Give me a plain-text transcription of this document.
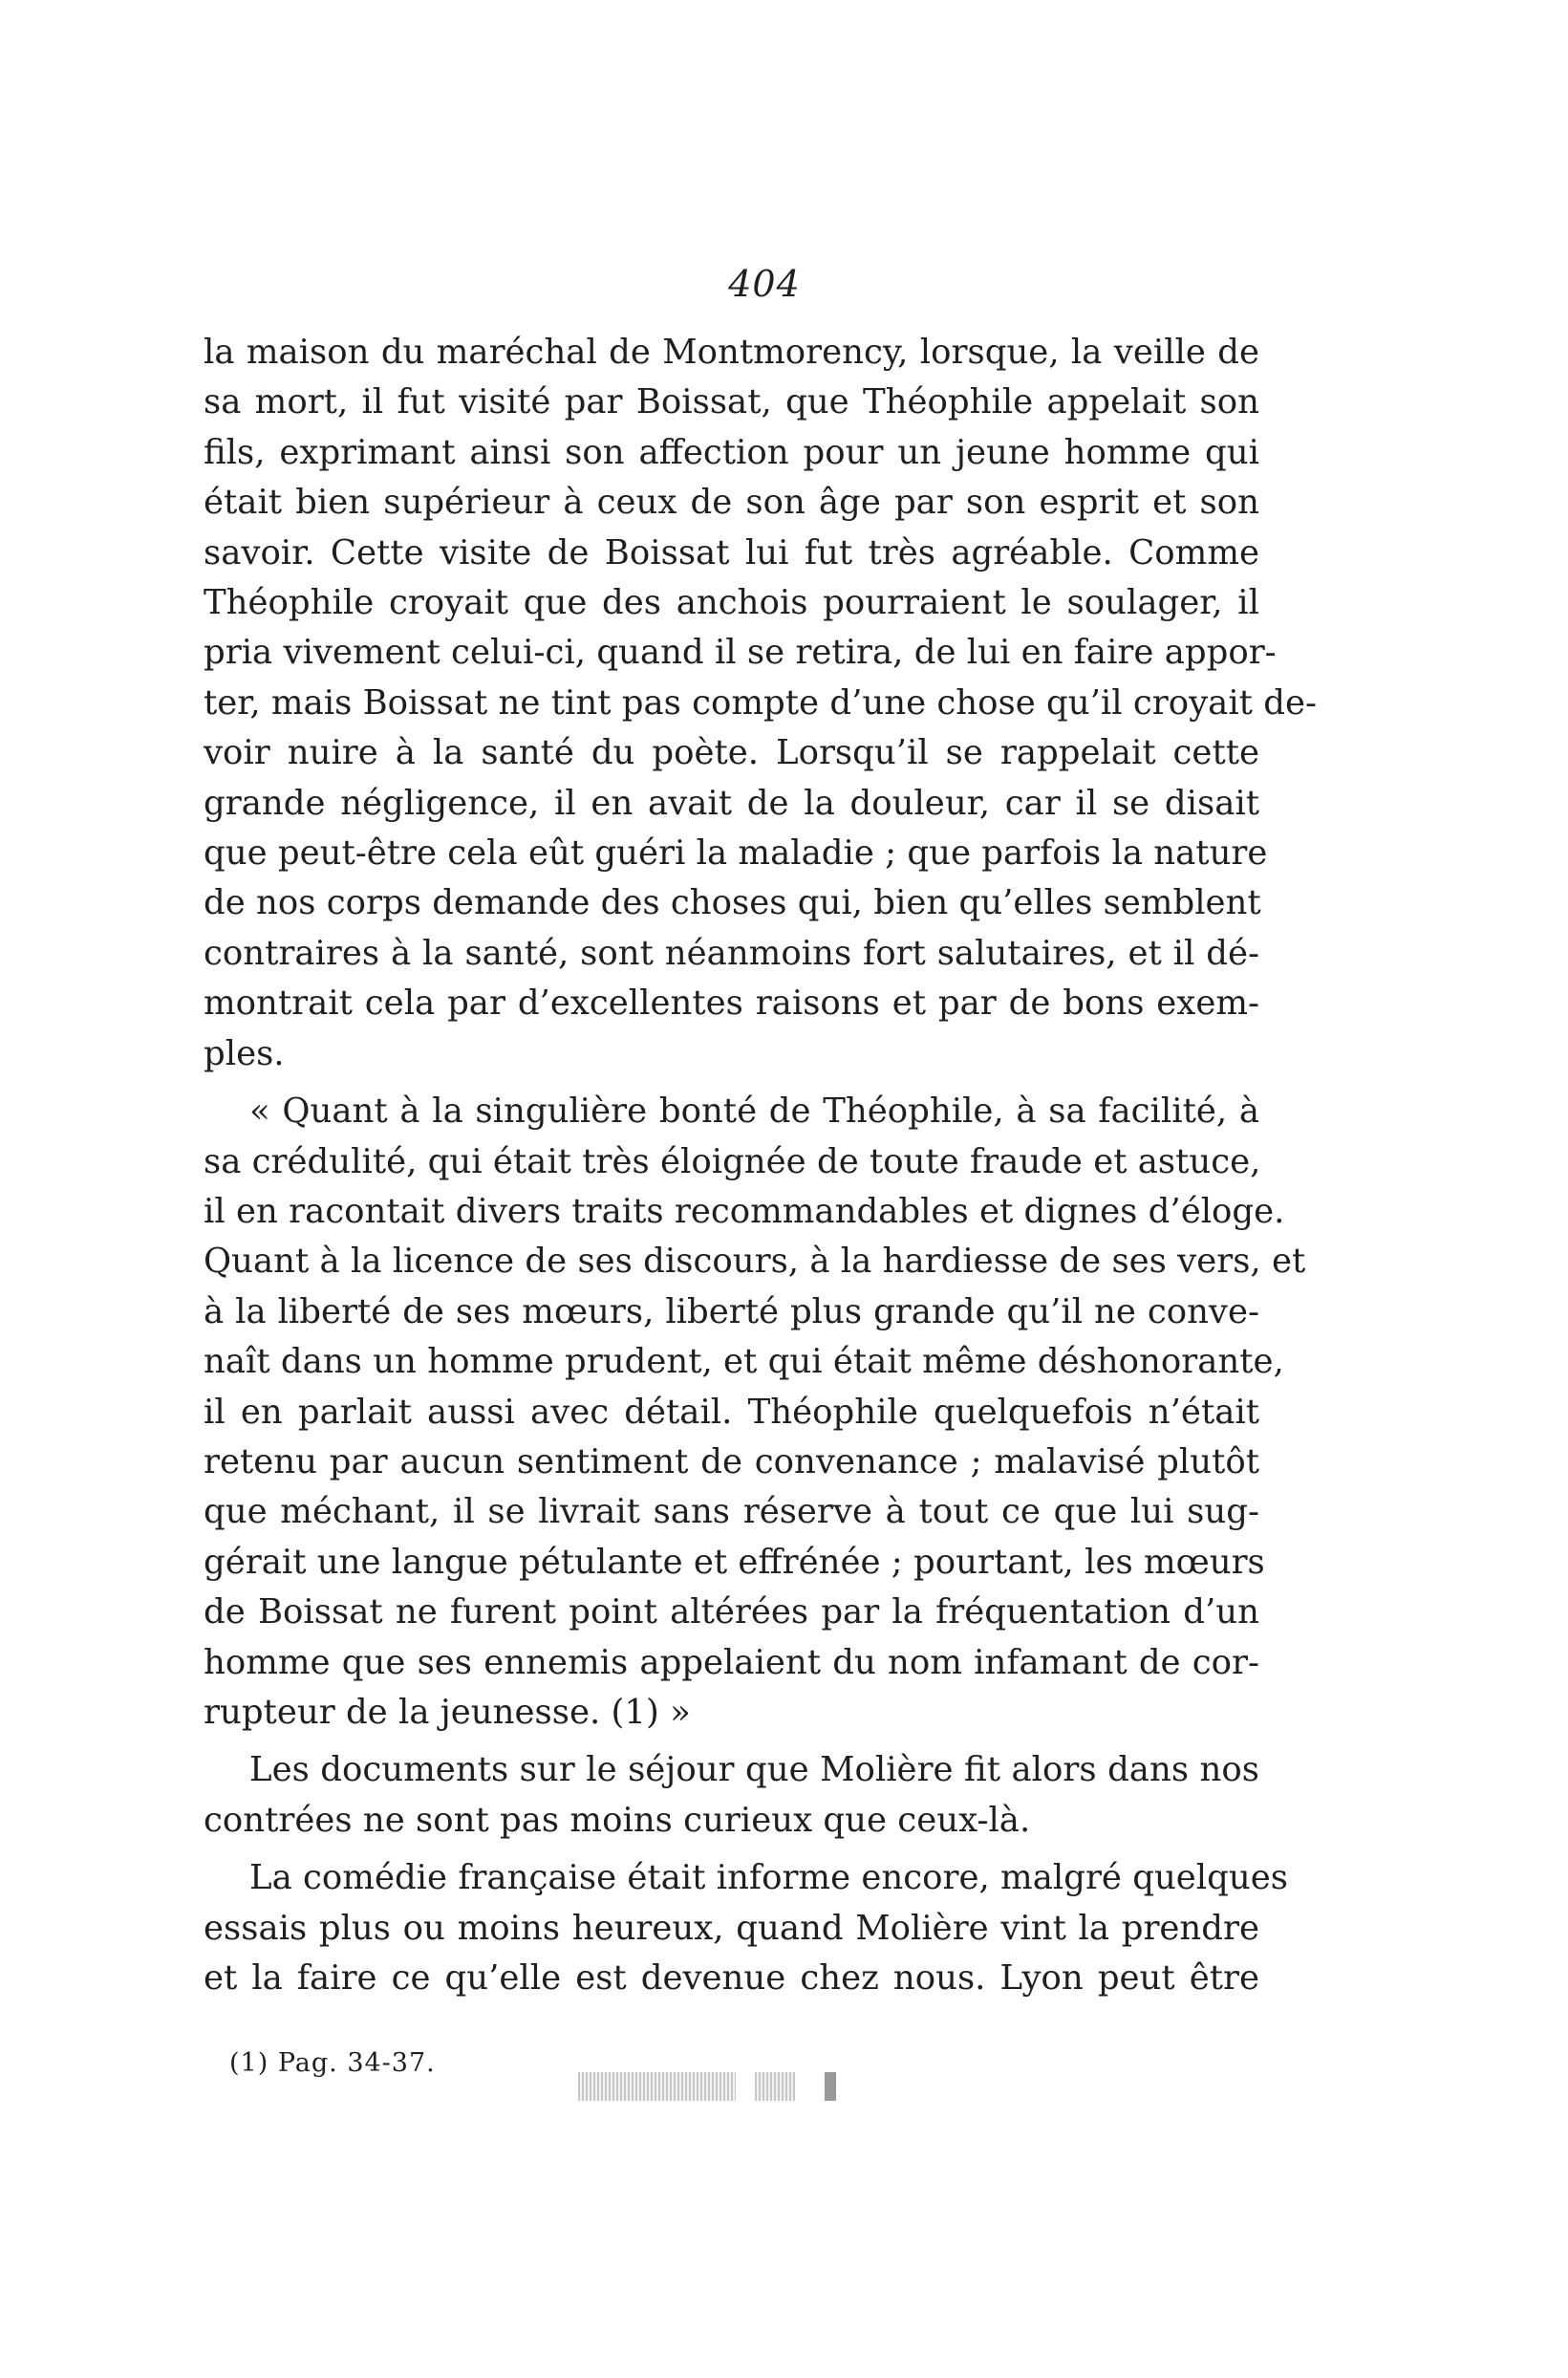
404
la maison du maréchal de Montmorency, lorsque, la veille de
sa mort, il fut visité par Boissat, que Théophile appelait son
fils, exprimant ainsi son affection pour un jeune homme qui
était bien supérieur à ceux de son âge par son esprit et son
savoir. Cette visite de Boissat lui fut très agréable. Comme
Théophile croyait que des anchois pourraient le soulager, il
pria vivement celui-ci, quand il se retira, de lui en faire appor-
ter, mais Boissat ne tint pas compte d’une chose qu’il croyait de-
voir nuire à la santé du poète. Lorsqu’il se rappelait cette
grande négligence, il en avait de la douleur, car il se disait
que peut-être cela eût guéri la maladie ; que parfois la nature
de nos corps demande des choses qui, bien qu’elles semblent
contraires à la santé, sont néanmoins fort salutaires, et il dé-
montrait cela par d’excellentes raisons et par de bons exem-
ples.
« Quant à la singulière bonté de Théophile, à sa facilité, à
sa crédulité, qui était très éloignée de toute fraude et astuce,
il en racontait divers traits recommandables et dignes d’éloge.
Quant à la licence de ses discours, à la hardiesse de ses vers, et
à la liberté de ses mœurs, liberté plus grande qu’il ne conve-
naît dans un homme prudent, et qui était même déshonorante,
il en parlait aussi avec détail. Théophile quelquefois n’était
retenu par aucun sentiment de convenance ; malavisé plutôt
que méchant, il se livrait sans réserve à tout ce que lui sug-
gérait une langue pétulante et effrénée ; pourtant, les mœurs
de Boissat ne furent point altérées par la fréquentation d’un
homme que ses ennemis appelaient du nom infamant de cor-
rupteur de la jeunesse. (1) »
Les documents sur le séjour que Molière fit alors dans nos
contrées ne sont pas moins curieux que ceux-là.
La comédie française était informe encore, malgré quelques
essais plus ou moins heureux, quand Molière vint la prendre
et la faire ce qu’elle est devenue chez nous. Lyon peut être
(1) Pag. 34-37.
